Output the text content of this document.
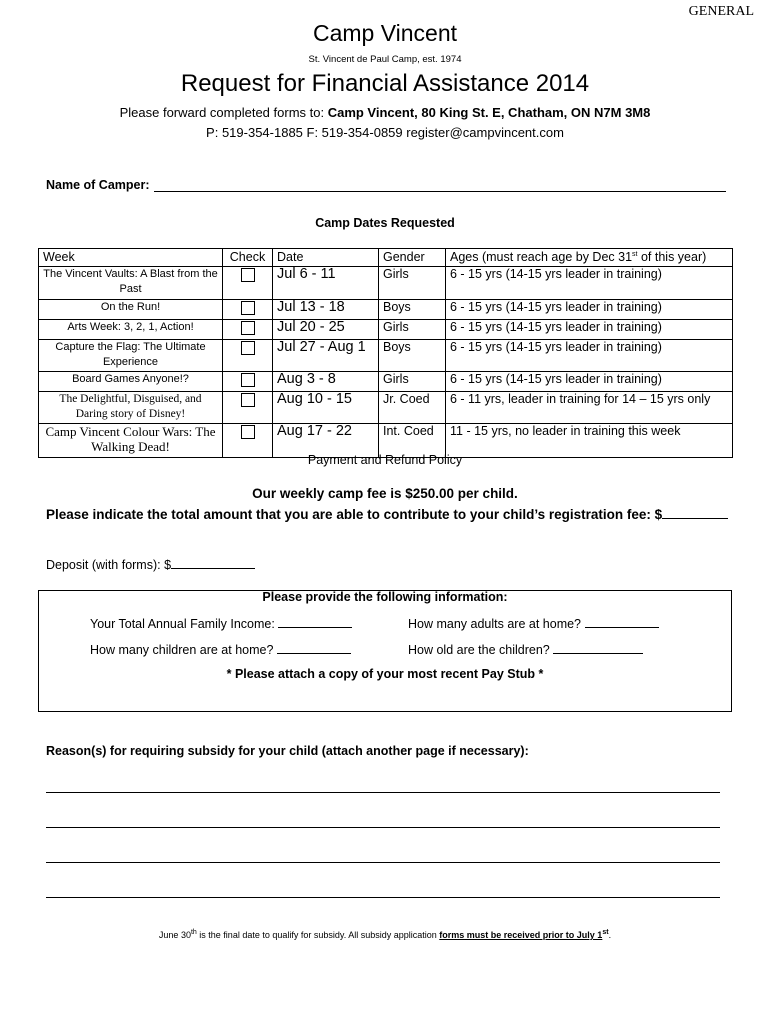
GENERAL
Camp Vincent
St. Vincent de Paul Camp, est. 1974
Request for Financial Assistance 2014
Please forward completed forms to: Camp Vincent, 80 King St. E, Chatham, ON N7M 3M8
P: 519-354-1885 F: 519-354-0859 register@campvincent.com
Name of Camper:
Camp Dates Requested
Week	Check	Date	Gender	Ages (must reach age by Dec 31st of this year)
The Vincent Vaults: A Blast from the Past		Jul 6 - 11	Girls	6 - 15 yrs (14-15 yrs leader in training)
On the Run!		Jul 13 - 18	Boys	6 - 15 yrs (14-15 yrs leader in training)
Arts Week: 3, 2, 1, Action!		Jul 20 - 25	Girls	6 - 15 yrs (14-15 yrs leader in training)
Capture the Flag: The Ultimate Experience		Jul 27 - Aug 1	Boys	6 - 15 yrs (14-15 yrs leader in training)
Board Games Anyone!?		Aug 3 - 8	Girls	6 - 15 yrs (14-15 yrs leader in training)
The Delightful, Disguised, and Daring story of Disney!		Aug 10 - 15	Jr. Coed	6 - 11 yrs, leader in training for 14 – 15 yrs only
Camp Vincent Colour Wars: The Walking Dead!		Aug 17 - 22	Int. Coed	11 - 15 yrs, no leader in training this week
Payment and Refund Policy
Our weekly camp fee is $250.00 per child.
Please indicate the total amount that you are able to contribute to your child’s registration fee: $
Deposit (with forms): $
Please provide the following information:
Your Total Annual Family Income:	How many adults are at home?
How many children are at home?	How old are the children?
* Please attach a copy of your most recent Pay Stub *
Reason(s) for requiring subsidy for your child (attach another page if necessary):
June 30th is the final date to qualify for subsidy. All subsidy application forms must be received prior to July 1st.
